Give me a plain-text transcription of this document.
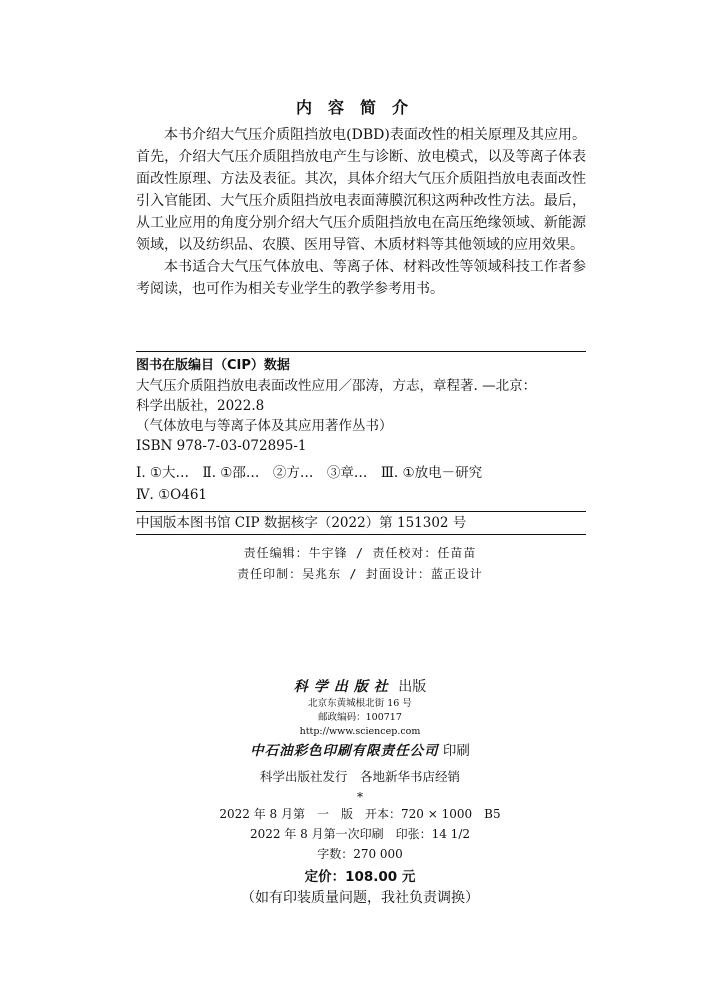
内容简介

本书介绍大气压介质阻挡放电(DBD)表面改性的相关原理及其应用。首先，介绍大气压介质阻挡放电产生与诊断、放电模式，以及等离子体表面改性原理、方法及表征。其次，具体介绍大气压介质阻挡放电表面改性引入官能团、大气压介质阻挡放电表面薄膜沉积这两种改性方法。最后，从工业应用的角度分别介绍大气压介质阻挡放电在高压绝缘领域、新能源领域，以及纺织品、农膜、医用导管、木质材料等其他领域的应用效果。

本书适合大气压气体放电、等离子体、材料改性等领域科技工作者参考阅读，也可作为相关专业学生的教学参考用书。

图书在版编目（CIP）数据

大气压介质阻挡放电表面改性应用／邵涛，方志，章程著. —北京：

科学出版社，2022.8

（气体放电与等离子体及其应用著作丛书）

ISBN 978-7-03-072895-1

Ⅰ. ①大…　Ⅱ. ①邵…　②方…　③章…　Ⅲ. ①放电－研究

Ⅳ. ①O461

中国版本图书馆 CIP 数据核字（2022）第 151302 号
责任编辑：牛宇锋 / 责任校对：任苗苗
责任印制：吴兆东 / 封面设计：蓝正设计

科学出版社 出版

北京东黄城根北街 16 号

邮政编码：100717

http://www.sciencep.com

中石油彩色印刷有限责任公司 印刷

科学出版社发行　各地新华书店经销

*

2022 年 8 月第　一　版　开本：720 × 1000　B5

2022 年 8 月第一次印刷　印张：14 1/2

字数：270 000

定价：108.00 元

（如有印装质量问题，我社负责调换）
